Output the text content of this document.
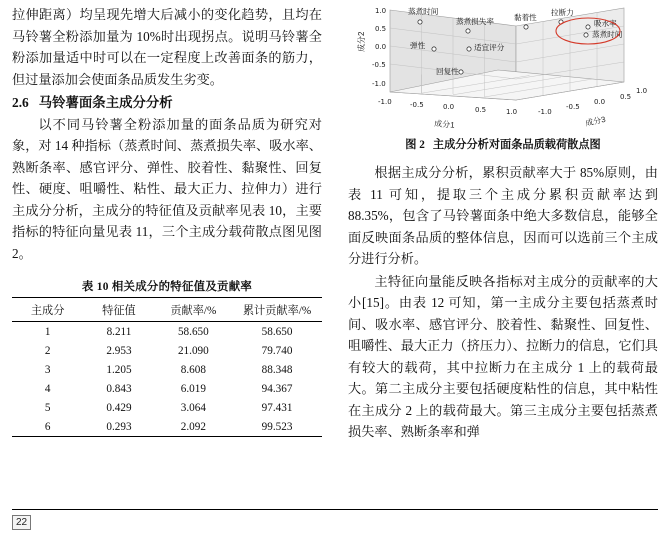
拉伸距离）均呈现先增大后减小的变化趋势，且均在马铃薯全粉添加量为 10%时出现拐点。说明马铃薯全粉添加量适中时可以在一定程度上改善面条的筋力，但过量添加会使面条品质发生劣变。

2.6 马铃薯面条主成分分析

以不同马铃薯全粉添加量的面条品质为研究对象，对 14 种指标（蒸煮时间、蒸煮损失率、吸水率、熟断条率、感官评分、弹性、胶着性、黏聚性、回复性、硬度、咀嚼性、粘性、最大正力、拉伸力）进行主成分分析，主成分的特征值及贡献率见表 10，主要指标的特征向量见表 11，三个主成分载荷散点图见图 2。

表 10 相关成分的特征值及贡献率
主成分	特征值	贡献率/%	累计贡献率/%
1	8.211	58.650	58.650
2	2.953	21.090	79.740
3	1.205	8.608	88.348
4	0.843	6.019	94.367
5	0.429	3.064	97.431
6	0.293	2.092	99.523
蒸煮时间
蒸煮损失率	黏着性
拉断力
吸水率
蒸煮时间
弹性	适宜评分
回复性
1.0
0.5
0.0
-0.5
-1.0
成分2
-1.0	-0.5	0.0	0.5	1.0
成分1
-1.0
-0.5
0.0
0.5
1.0
成分3
图 2 主成分分析对面条品质载荷散点图

根据主成分分析，累积贡献率大于 85%原则，由表 11 可知，提取三个主成分累积贡献率达到 88.35%，包含了马铃薯面条中绝大多数信息，能够全面反映面条品质的整体信息，因而可以选前三个主成分进行分析。

主特征向量能反映各指标对主成分的贡献率的大小[15]。由表 12 可知，第一主成分主要包括蒸煮时间、吸水率、感官评分、胶着性、黏聚性、回复性、咀嚼性、最大正力（挤压力）、拉断力的信息，它们具有较大的载荷，其中拉断力在主成分 1 上的载荷最大。第二主成分主要包括硬度粘性的信息，其中粘性在主成分 2 上的载荷最大。第三主成分主要包括蒸煮损失率、熟断条率和弹

22
